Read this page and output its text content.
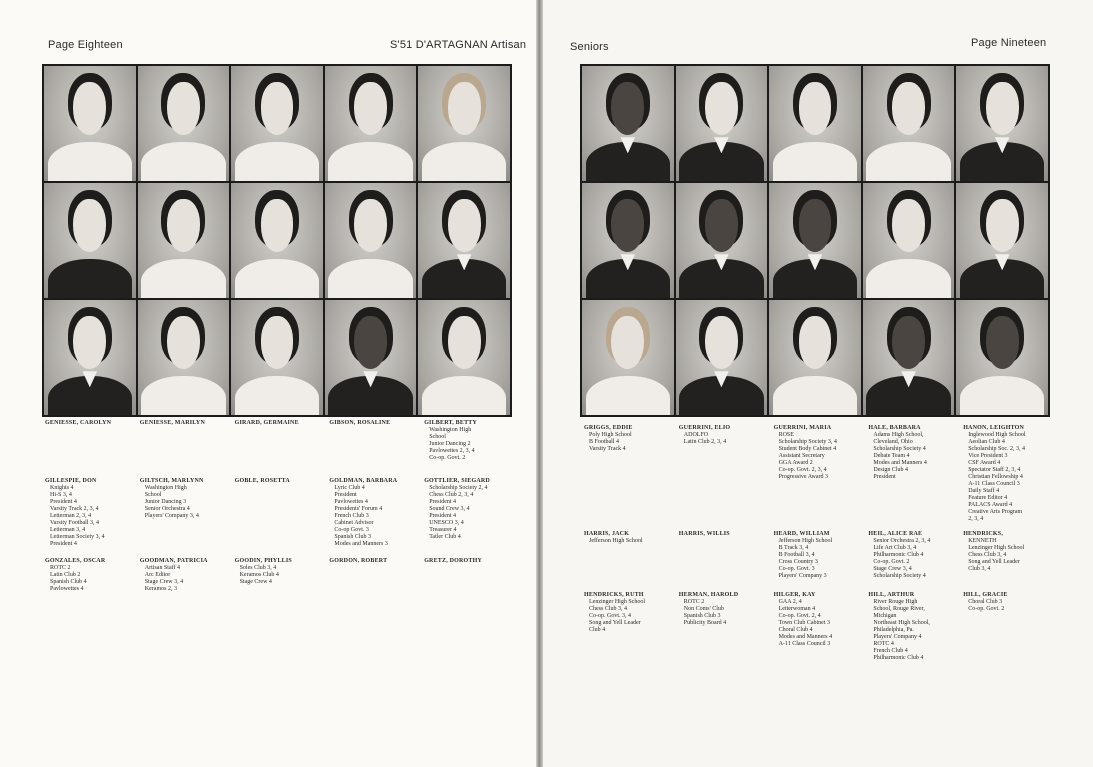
Page Eighteen	S'51 D'ARTAGNAN Artisan
GENIESSE, CAROLYN	GENIESSE, MARILYN	GIRARD, GERMAINE	GIBSON, ROSALINE	GILBERT, BETTY
Washington High
School
Junior Dancing 2
Pavlowettes 2, 3, 4
Co-op. Govt. 2
GILLESPIE, DON
Knights 4
Hi-S 3, 4
President 4
Varsity Track 2, 3, 4
Letterman 2, 3, 4
Varsity Football 3, 4
Letterman 3, 4
Letterman Society 3, 4
President 4
GILTSCH, MARLYNN
Washington High
School
Junior Dancing 3
Senior Orchestra 4
Players' Company 3, 4
GOBLE, ROSETTA	GOLDMAN, BARBARA
Lyric Club 4
President
Pavlowettes 4
Presidents' Forum 4
French Club 3
Cabinet Advisor
Co-op Govt. 3
Spanish Club 3
Modes and Manners 3
GOTTLIER, SIEGARD
Scholarship Society 2, 4
Chess Club 2, 3, 4
President 4
Sound Crew 3, 4
President 4
UNESCO 3, 4
Treasurer 4
Tatler Club 4
GONZALES, OSCAR
ROTC 2
Latin Club 2
Spanish Club 4
Pavlowettes 4
GOODMAN, PATRICIA
Artisan Staff 4
Arc Editor
Stage Crew 3, 4
Keramos 2, 3
GOODIN, PHYLLIS
Soles Club 3, 4
Keramos Club 4
Stage Crew 4
GORDON, ROBERT	GRETZ, DOROTHY
Seniors	Page Nineteen
GRIGGS, EDDIE
Poly High School
B Football 4
Varsity Track 4
GUERRINI, ELIO
ADOLFO
Latin Club 2, 3, 4
GUERRINI, MARIA
ROSE
Scholarship Society 3, 4
Student Body Cabinet 4
Assistant Secretary
GGA Award 2
Co-op. Govt. 2, 3, 4
Progressive Award 3
HALE, BARBARA
Adams High School,
Cleveland, Ohio
Scholarship Society 4
Debate Team 4
Modes and Manners 4
Design Club 4
President
HANON, LEIGHTON
Inglewood High School
Aeolian Club 4
Scholarship Soc. 2, 3, 4
Vice President 3
CSF Award 4
Spectator Staff 2, 3, 4
Christian Fellowship 4
A-11 Class Council 3
Daily Staff 4
Feature Editor 4
PALACS Award 4
Creative Arts Program
2, 3, 4
HARRIS, JACK
Jefferson High School
HARRIS, WILLIS	HEARD, WILLIAM
Jefferson High School
B Track 3, 4
B Football 3, 4
Cross Country 3
Co-op. Govt. 3
Players' Company 3
HEIL, ALICE RAE
Senior Orchestra 2, 3, 4
Life Art Club 3, 4
Philharmonic Club 4
Co-op. Govt. 2
Stage Crew 3, 4
Scholarship Society 4
HENDRICKS,
KENNETH
Lenzinger High School
Chess Club 3, 4
Song and Yell Leader
Club 3, 4
HENDRICKS, RUTH
Lenzinger High School
Chess Club 3, 4
Co-op. Govt. 3, 4
Song and Yell Leader
Club 4
HERMAN, HAROLD
ROTC 2
Non Coms' Club
Spanish Club 3
Publicity Board 4
HILGER, KAY
GAA 2, 4
Letterwoman 4
Co-op. Govt. 2, 4
Town Club Cabinet 3
Choral Club 4
Modes and Manners 4
A-11 Class Council 3
HILL, ARTHUR
River Rouge High
School, Rouge River,
Michigan
Northeast High School,
Philadelphia, Pa.
Players' Company 4
ROTC 4
French Club 4
Philharmonic Club 4
HILL, GRACIE
Choral Club 3
Co-op. Govt. 2
